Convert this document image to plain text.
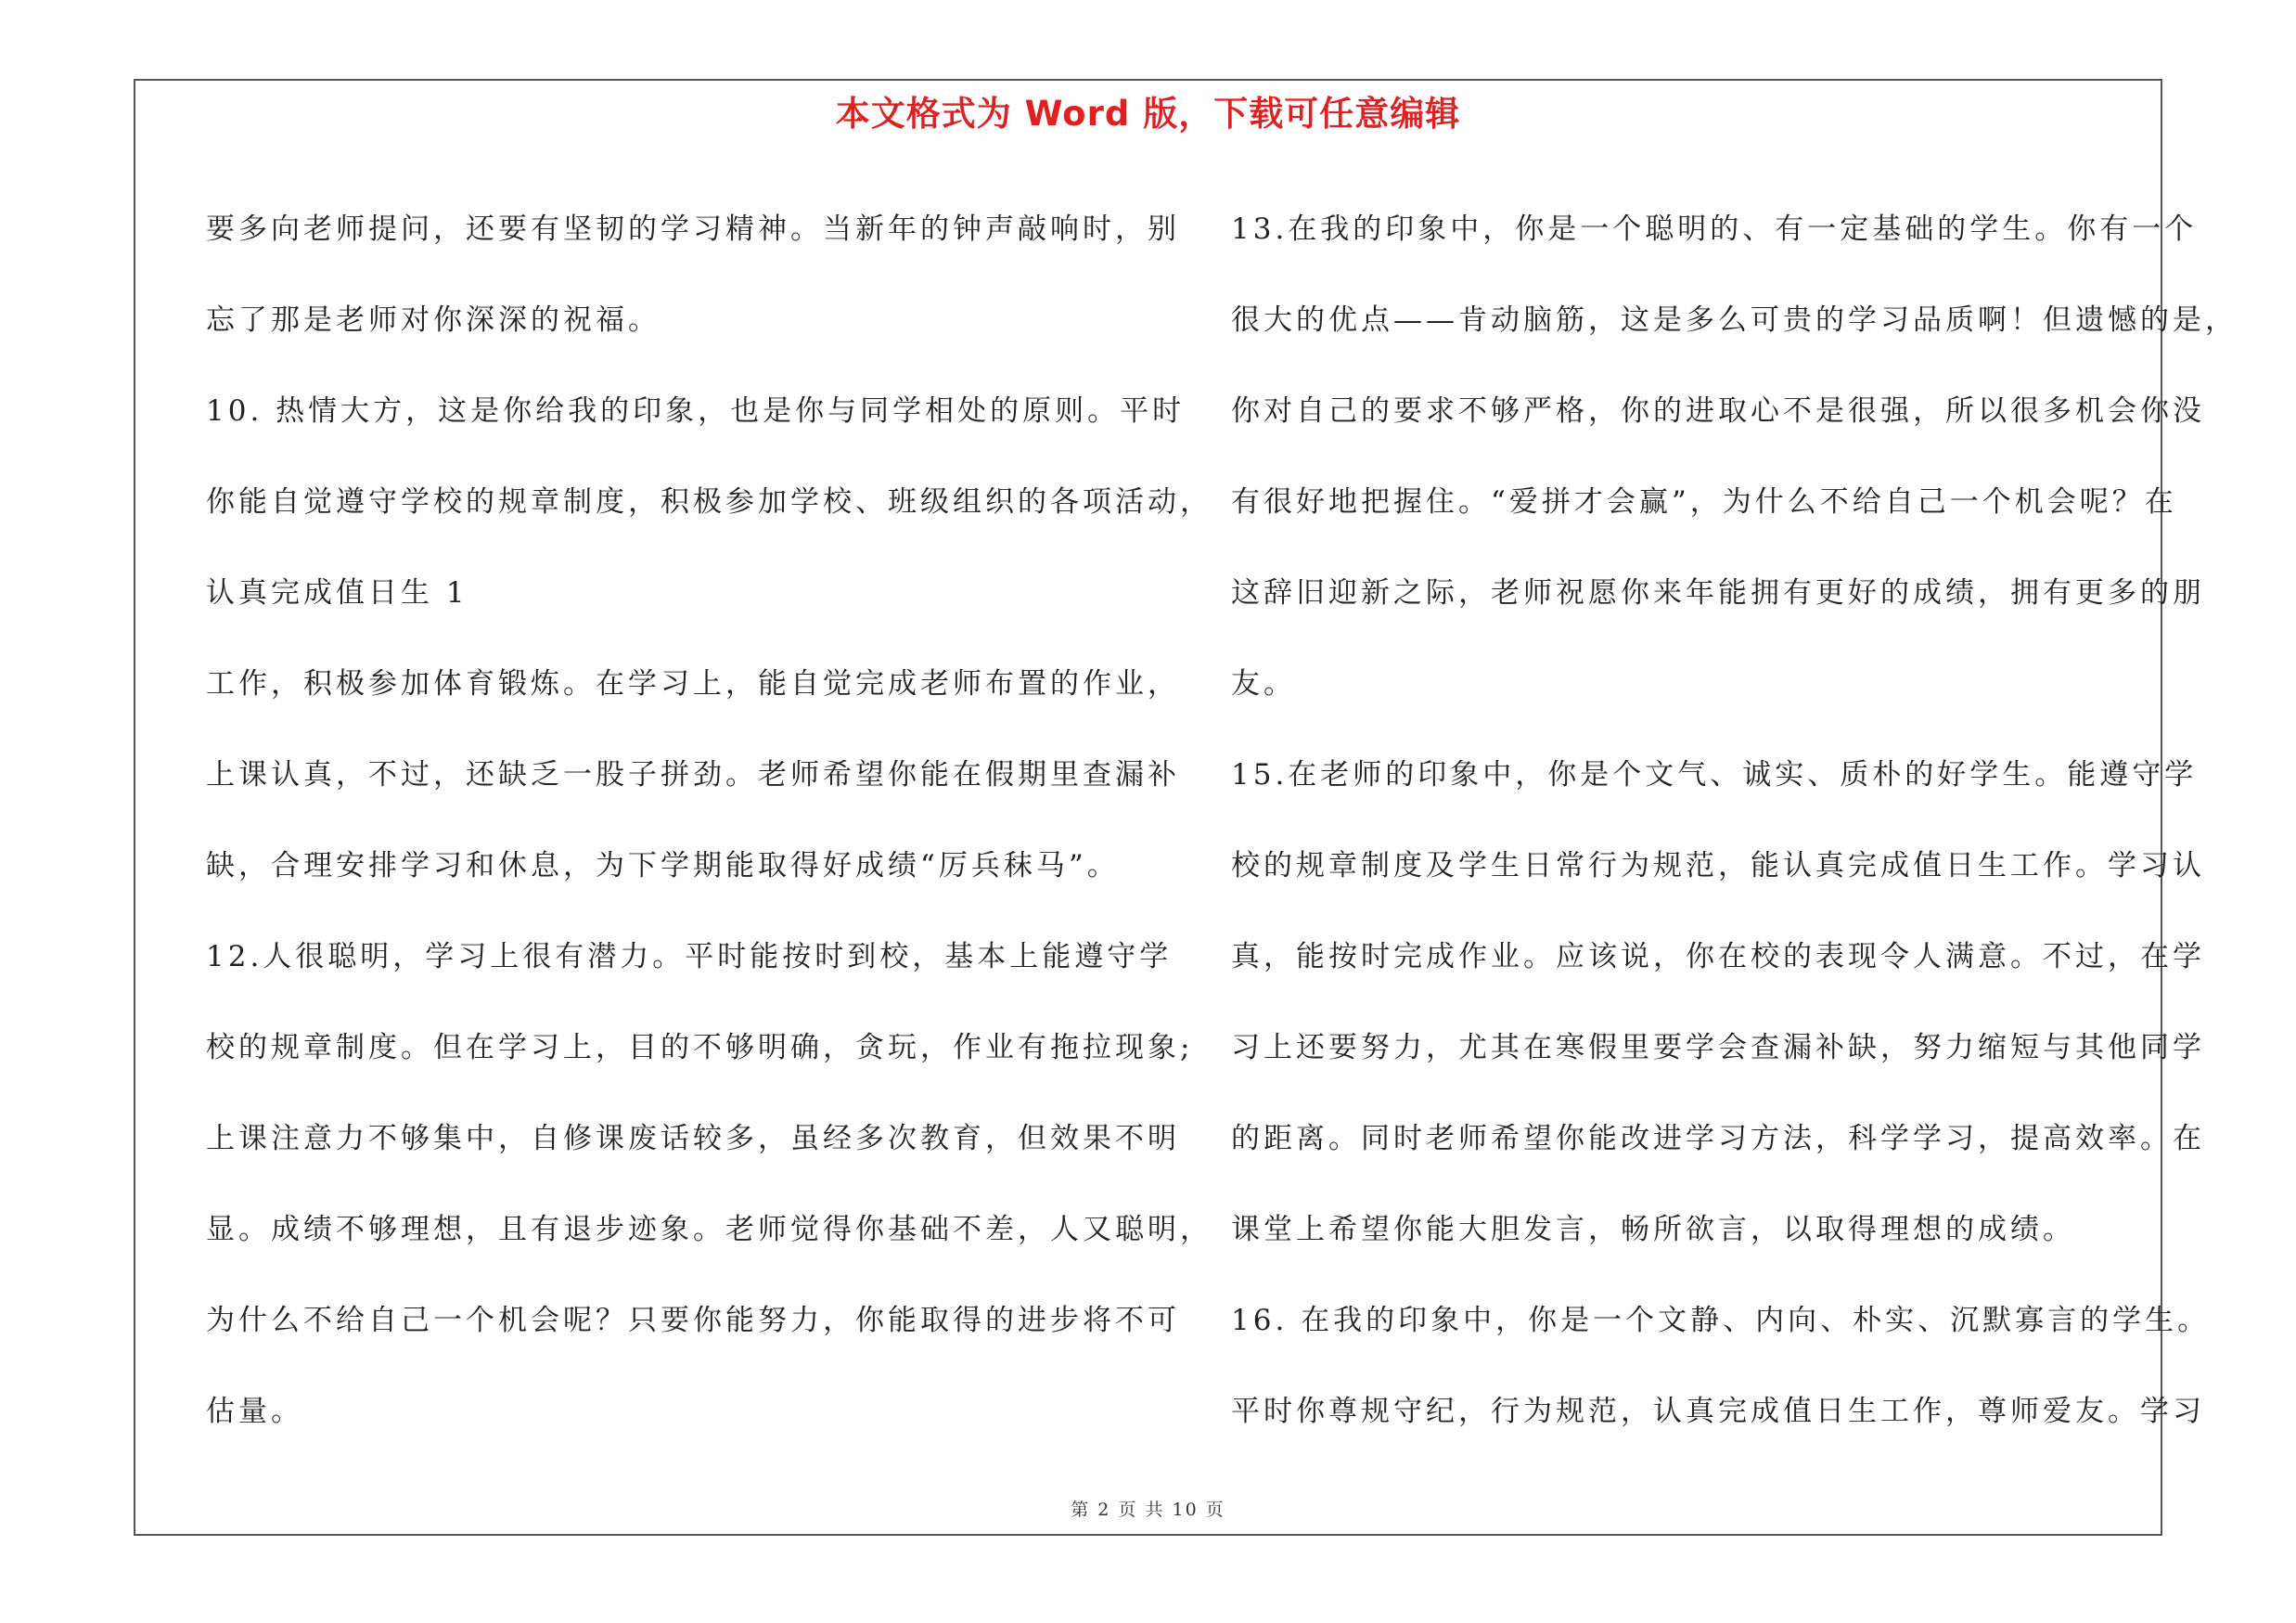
本文格式为 Word 版，下载可任意编辑
要多向老师提问，还要有坚韧的学习精神。当新年的钟声敲响时，别
忘了那是老师对你深深的祝福。
10. 热情大方，这是你给我的印象，也是你与同学相处的原则。平时
你能自觉遵守学校的规章制度，积极参加学校、班级组织的各项活动，
认真完成值日生 1
工作，积极参加体育锻炼。在学习上，能自觉完成老师布置的作业，
上课认真，不过，还缺乏一股子拼劲。老师希望你能在假期里查漏补
缺，合理安排学习和休息，为下学期能取得好成绩“厉兵秣马”。
12.人很聪明，学习上很有潜力。平时能按时到校，基本上能遵守学
校的规章制度。但在学习上，目的不够明确，贪玩，作业有拖拉现象;
上课注意力不够集中，自修课废话较多，虽经多次教育，但效果不明
显。成绩不够理想，且有退步迹象。老师觉得你基础不差，人又聪明，
为什么不给自己一个机会呢？只要你能努力，你能取得的进步将不可
估量。
13.在我的印象中，你是一个聪明的、有一定基础的学生。你有一个
很大的优点——肯动脑筋，这是多么可贵的学习品质啊！但遗憾的是，
你对自己的要求不够严格，你的进取心不是很强，所以很多机会你没
有很好地把握住。“爱拼才会赢”，为什么不给自己一个机会呢？在
这辞旧迎新之际，老师祝愿你来年能拥有更好的成绩，拥有更多的朋
友。
15.在老师的印象中，你是个文气、诚实、质朴的好学生。能遵守学
校的规章制度及学生日常行为规范，能认真完成值日生工作。学习认
真，能按时完成作业。应该说，你在校的表现令人满意。不过，在学
习上还要努力，尤其在寒假里要学会查漏补缺，努力缩短与其他同学
的距离。同时老师希望你能改进学习方法，科学学习，提高效率。在
课堂上希望你能大胆发言，畅所欲言，以取得理想的成绩。
16. 在我的印象中，你是一个文静、内向、朴实、沉默寡言的学生。
平时你尊规守纪，行为规范，认真完成值日生工作，尊师爱友。学习
第 2 页 共 10 页
